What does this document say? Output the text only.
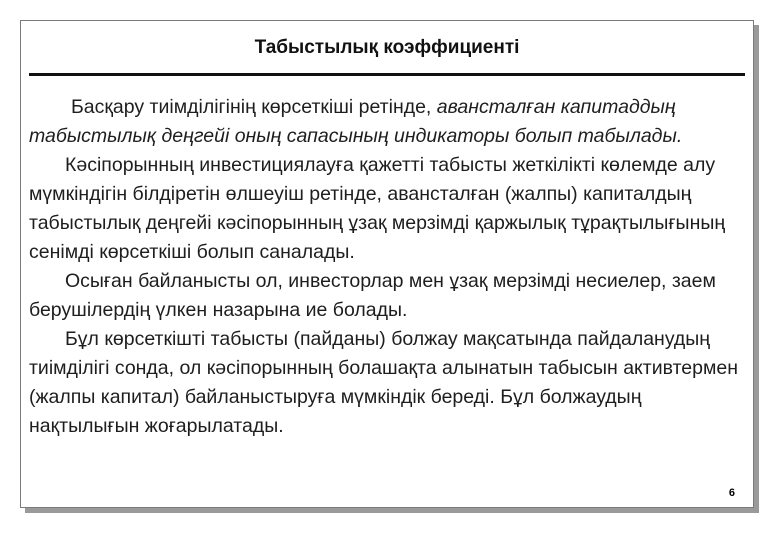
Табыстылық коэффициенті

Басқару тиімділігінің көрсеткіші ретінде, авансталған капитаддың табыстылық деңгейі оның сапасының индикаторы болып табылады.

Кәсіпорынның инвестициялауға қажетті табысты жеткілікті көлемде алу мүмкіндігін білдіретін өлшеуіш ретінде, авансталған (жалпы) капиталдың табыстылық деңгейі кәсіпорынның ұзақ мерзімді қаржылық тұрақтылығының сенімді көрсеткіші болып саналады.

Осыған байланысты ол, инвесторлар мен ұзақ мерзімді несиелер, заем берушілердің үлкен назарына ие болады.

Бұл көрсеткішті табысты (пайданы) болжау мақсатында пайдаланудың тиімділігі сонда, ол кәсіпорынның болашақта алынатын табысын активтермен (жалпы капитал) байланыстыруға мүмкіндік береді. Бұл болжаудың нақтылығын жоғарылатады.

6
